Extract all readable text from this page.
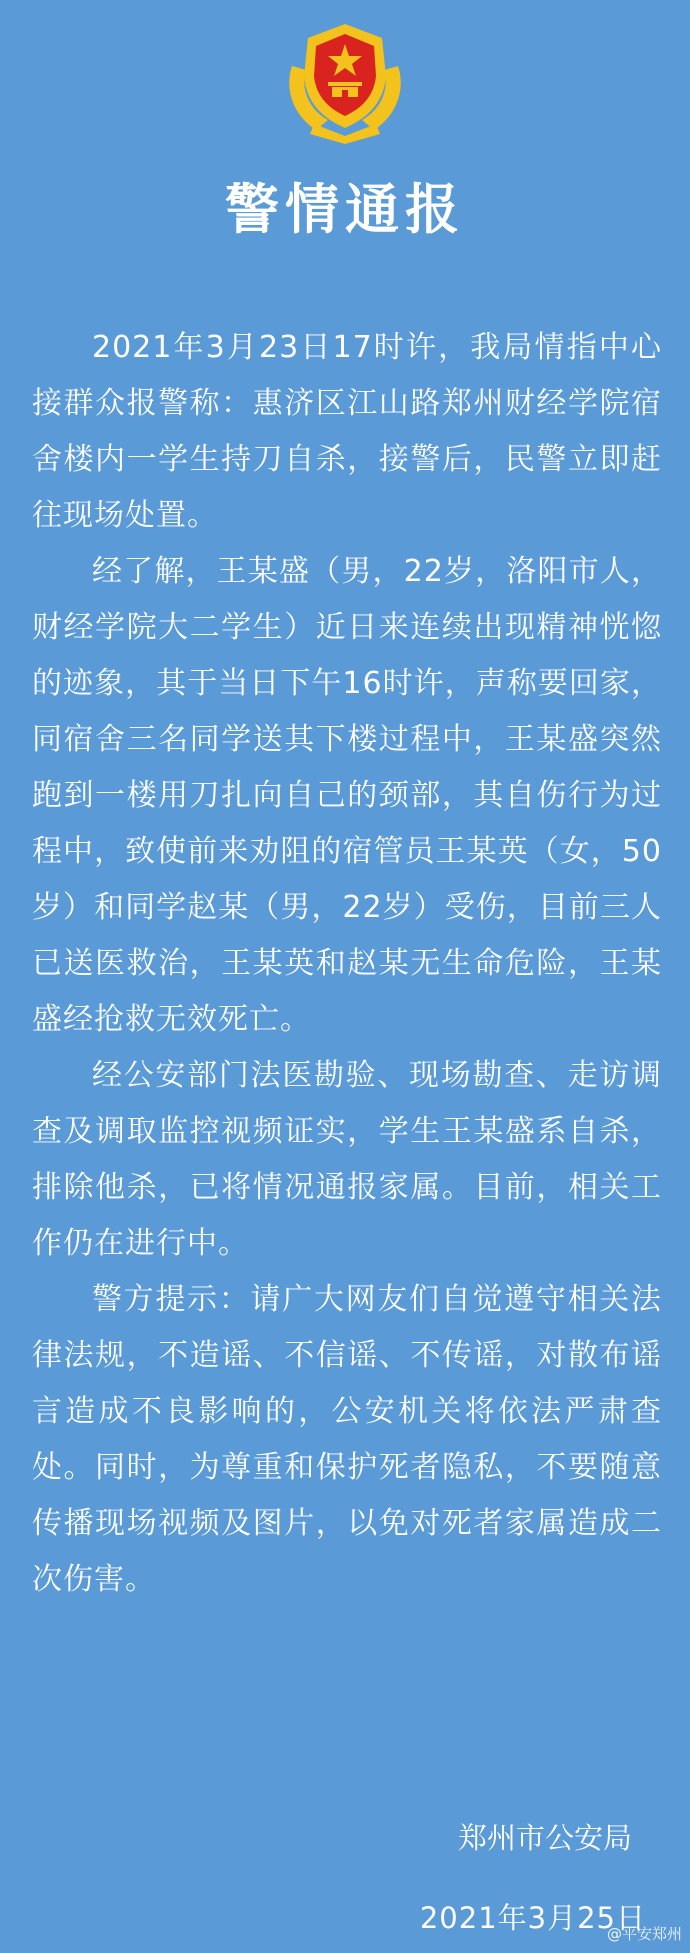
警情通报

2021年3月23日17时许，我局情指中心接群众报警称：惠济区江山路郑州财经学院宿舍楼内一学生持刀自杀，接警后，民警立即赶往现场处置。

经了解，王某盛（男，22岁，洛阳市人，财经学院大二学生）近日来连续出现精神恍惚的迹象，其于当日下午16时许，声称要回家，同宿舍三名同学送其下楼过程中，王某盛突然跑到一楼用刀扎向自己的颈部，其自伤行为过程中，致使前来劝阻的宿管员王某英（女，50岁）和同学赵某（男，22岁）受伤，目前三人已送医救治，王某英和赵某无生命危险，王某盛经抢救无效死亡。

经公安部门法医勘验、现场勘查、走访调查及调取监控视频证实，学生王某盛系自杀，排除他杀，已将情况通报家属。目前，相关工作仍在进行中。

警方提示：请广大网友们自觉遵守相关法律法规，不造谣、不信谣、不传谣，对散布谣言造成不良影响的，公安机关将依法严肃查处。同时，为尊重和保护死者隐私，不要随意传播现场视频及图片，以免对死者家属造成二次伤害。

郑州市公安局
2021年3月25日
@平安郑州
